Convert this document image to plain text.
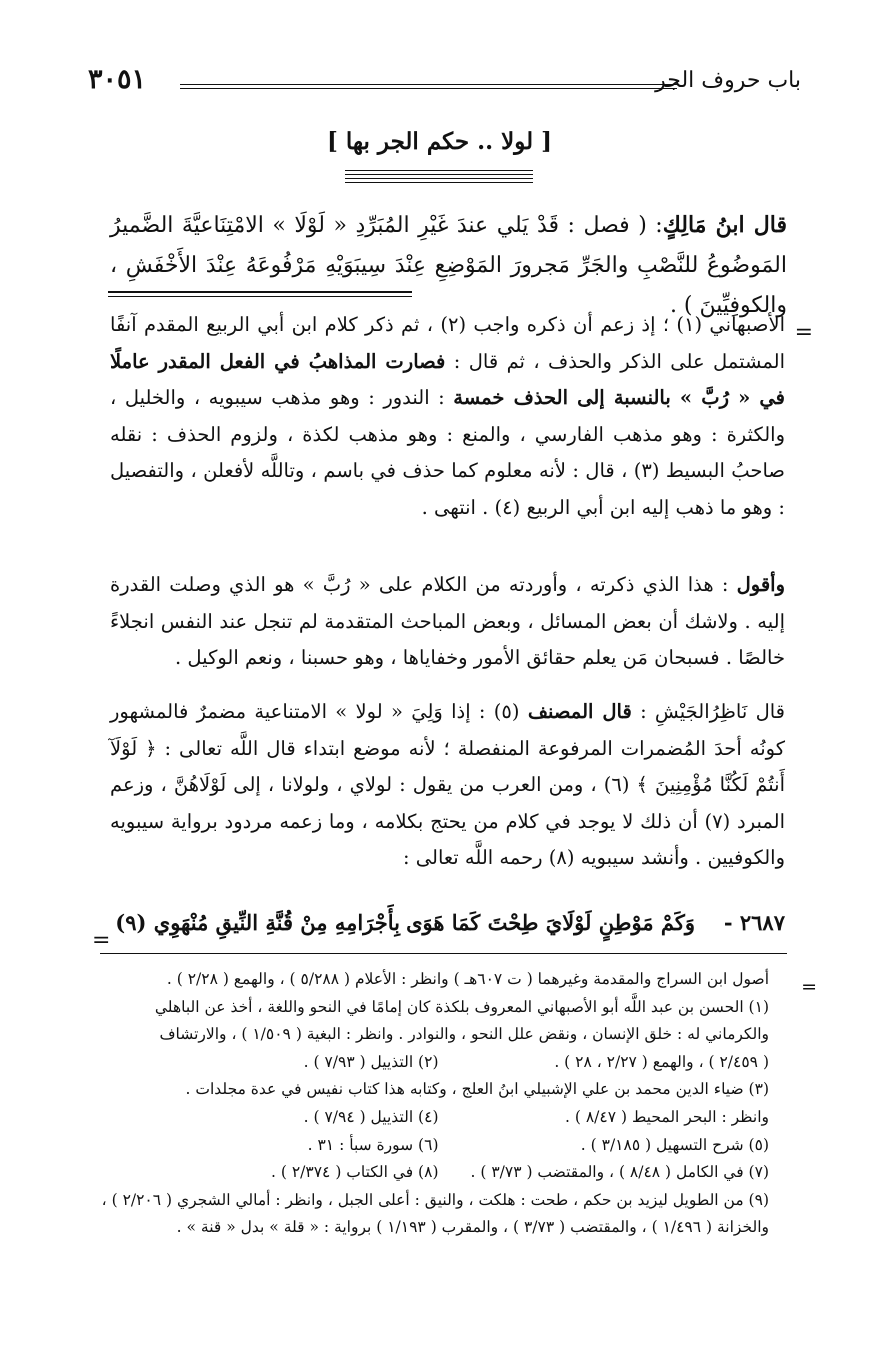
باب حروف الجر
٣٠٥١
[ لولا .. حكم الجر بها ]
قال ابنُ مَالِكٍ: ( فصل : قَدْ يَلي عندَ غَيْرِ المُبَرِّدِ « لَوْلَا » الامْتِنَاعيَّةَ الضَّميرُ المَوضُوعُ للنَّصْبِ والجَرِّ مَجرورَ المَوْضِعِ عِنْدَ سِيبَوَيْهِ مَرْفُوعَهُ عِنْدَ الأَخْفَشِ ، والكوفِيِّينَ ) .
=
الأصبهاني (١) ؛ إذ زعم أن ذكره واجب (٢) ، ثم ذكر كلام ابن أبي الربيع المقدم آنفًا المشتمل على الذكر والحذف ، ثم قال : فصارت المذاهبُ في الفعل المقدر عاملًا في « رُبَّ » بالنسبة إلى الحذف خمسة : الندور : وهو مذهب سيبويه ، والخليل ، والكثرة : وهو مذهب الفارسي ، والمنع : وهو مذهب لكذة ، ولزوم الحذف : نقله صاحبُ البسيط (٣) ، قال : لأنه معلوم كما حذف في باسم ، وتاللَّه لأفعلن ، والتفصيل : وهو ما ذهب إليه ابن أبي الربيع (٤) . انتهى .
وأقول : هذا الذي ذكرته ، وأوردته من الكلام على « رُبَّ » هو الذي وصلت القدرة إليه . ولاشك أن بعض المسائل ، وبعض المباحث المتقدمة لم تنجل عند النفس انجلاءً خالصًا . فسبحان مَن يعلم حقائق الأمور وخفاياها ، وهو حسبنا ، ونعم الوكيل .
قال نَاظِرُالجَيْشِ : قال المصنف (٥) : إذا وَلِيَ « لولا » الامتناعية مضمرٌ فالمشهور كونُه أحدَ المُضمرات المرفوعة المنفصلة ؛ لأنه موضع ابتداء قال اللَّه تعالى : ﴿ لَوْلَآ أَنتُمْ لَكُنَّا مُؤْمِنِينَ ﴾ (٦) ، ومن العرب من يقول : لولاي ، ولولانا ، إلى لَوْلَاهُنَّ ، وزعم المبرد (٧) أن ذلك لا يوجد في كلام من يحتج بكلامه ، وما زعمه مردود برواية سيبويه والكوفيين . وأنشد سيبويه (٨) رحمه اللَّه تعالى :
٢٦٨٧ -
وَكَمْ مَوْطِنٍ لَوْلَايَ طِحْتَ كَمَا هَوَى
بِأَجْرَامِهِ مِنْ قُنَّةِ النِّيقِ مُنْهَوِي (٩)
=
=
أصول ابن السراج والمقدمة وغيرهما ( ت ٦٠٧هـ ) وانظر : الأعلام ( ٥/٢٨٨ ) ، والهمع ( ٢/٢٨ ) .
(١) الحسن بن عبد اللَّه أبو الأصبهاني المعروف بلكذة كان إمامًا في النحو واللغة ، أخذ عن الباهلي
والكرماني له : خلق الإنسان ، ونقض علل النحو ، والنوادر . وانظر : البغية ( ١/٥٠٩ ) ، والارتشاف
( ٢/٤٥٩ ) ، والهمع ( ٢/٢٧ ، ٢٨ ) .
(٢) التذييل ( ٧/٩٣ ) .
(٣) ضياء الدين محمد بن علي الإشبيلي ابنُ العلج ، وكتابه هذا كتاب نفيس في عدة مجلدات .
وانظر : البحر المحيط ( ٨/٤٧ ) .
(٤) التذييل ( ٧/٩٤ ) .
(٥) شرح التسهيل ( ٣/١٨٥ ) .
(٦) سورة سبأ : ٣١ .
(٧) في الكامل ( ٨/٤٨ ) ، والمقتضب ( ٣/٧٣ ) .
(٨) في الكتاب ( ٢/٣٧٤ ) .
(٩) من الطويل ليزيد بن حكم ، طحت : هلكت ، والنيق : أعلى الجبل ، وانظر : أمالي الشجري ( ٢/٢٠٦ ) ،
والخزانة ( ١/٤٩٦ ) ، والمقتضب ( ٣/٧٣ ) ، والمقرب ( ١/١٩٣ ) برواية : « قلة » بدل « قنة » .
